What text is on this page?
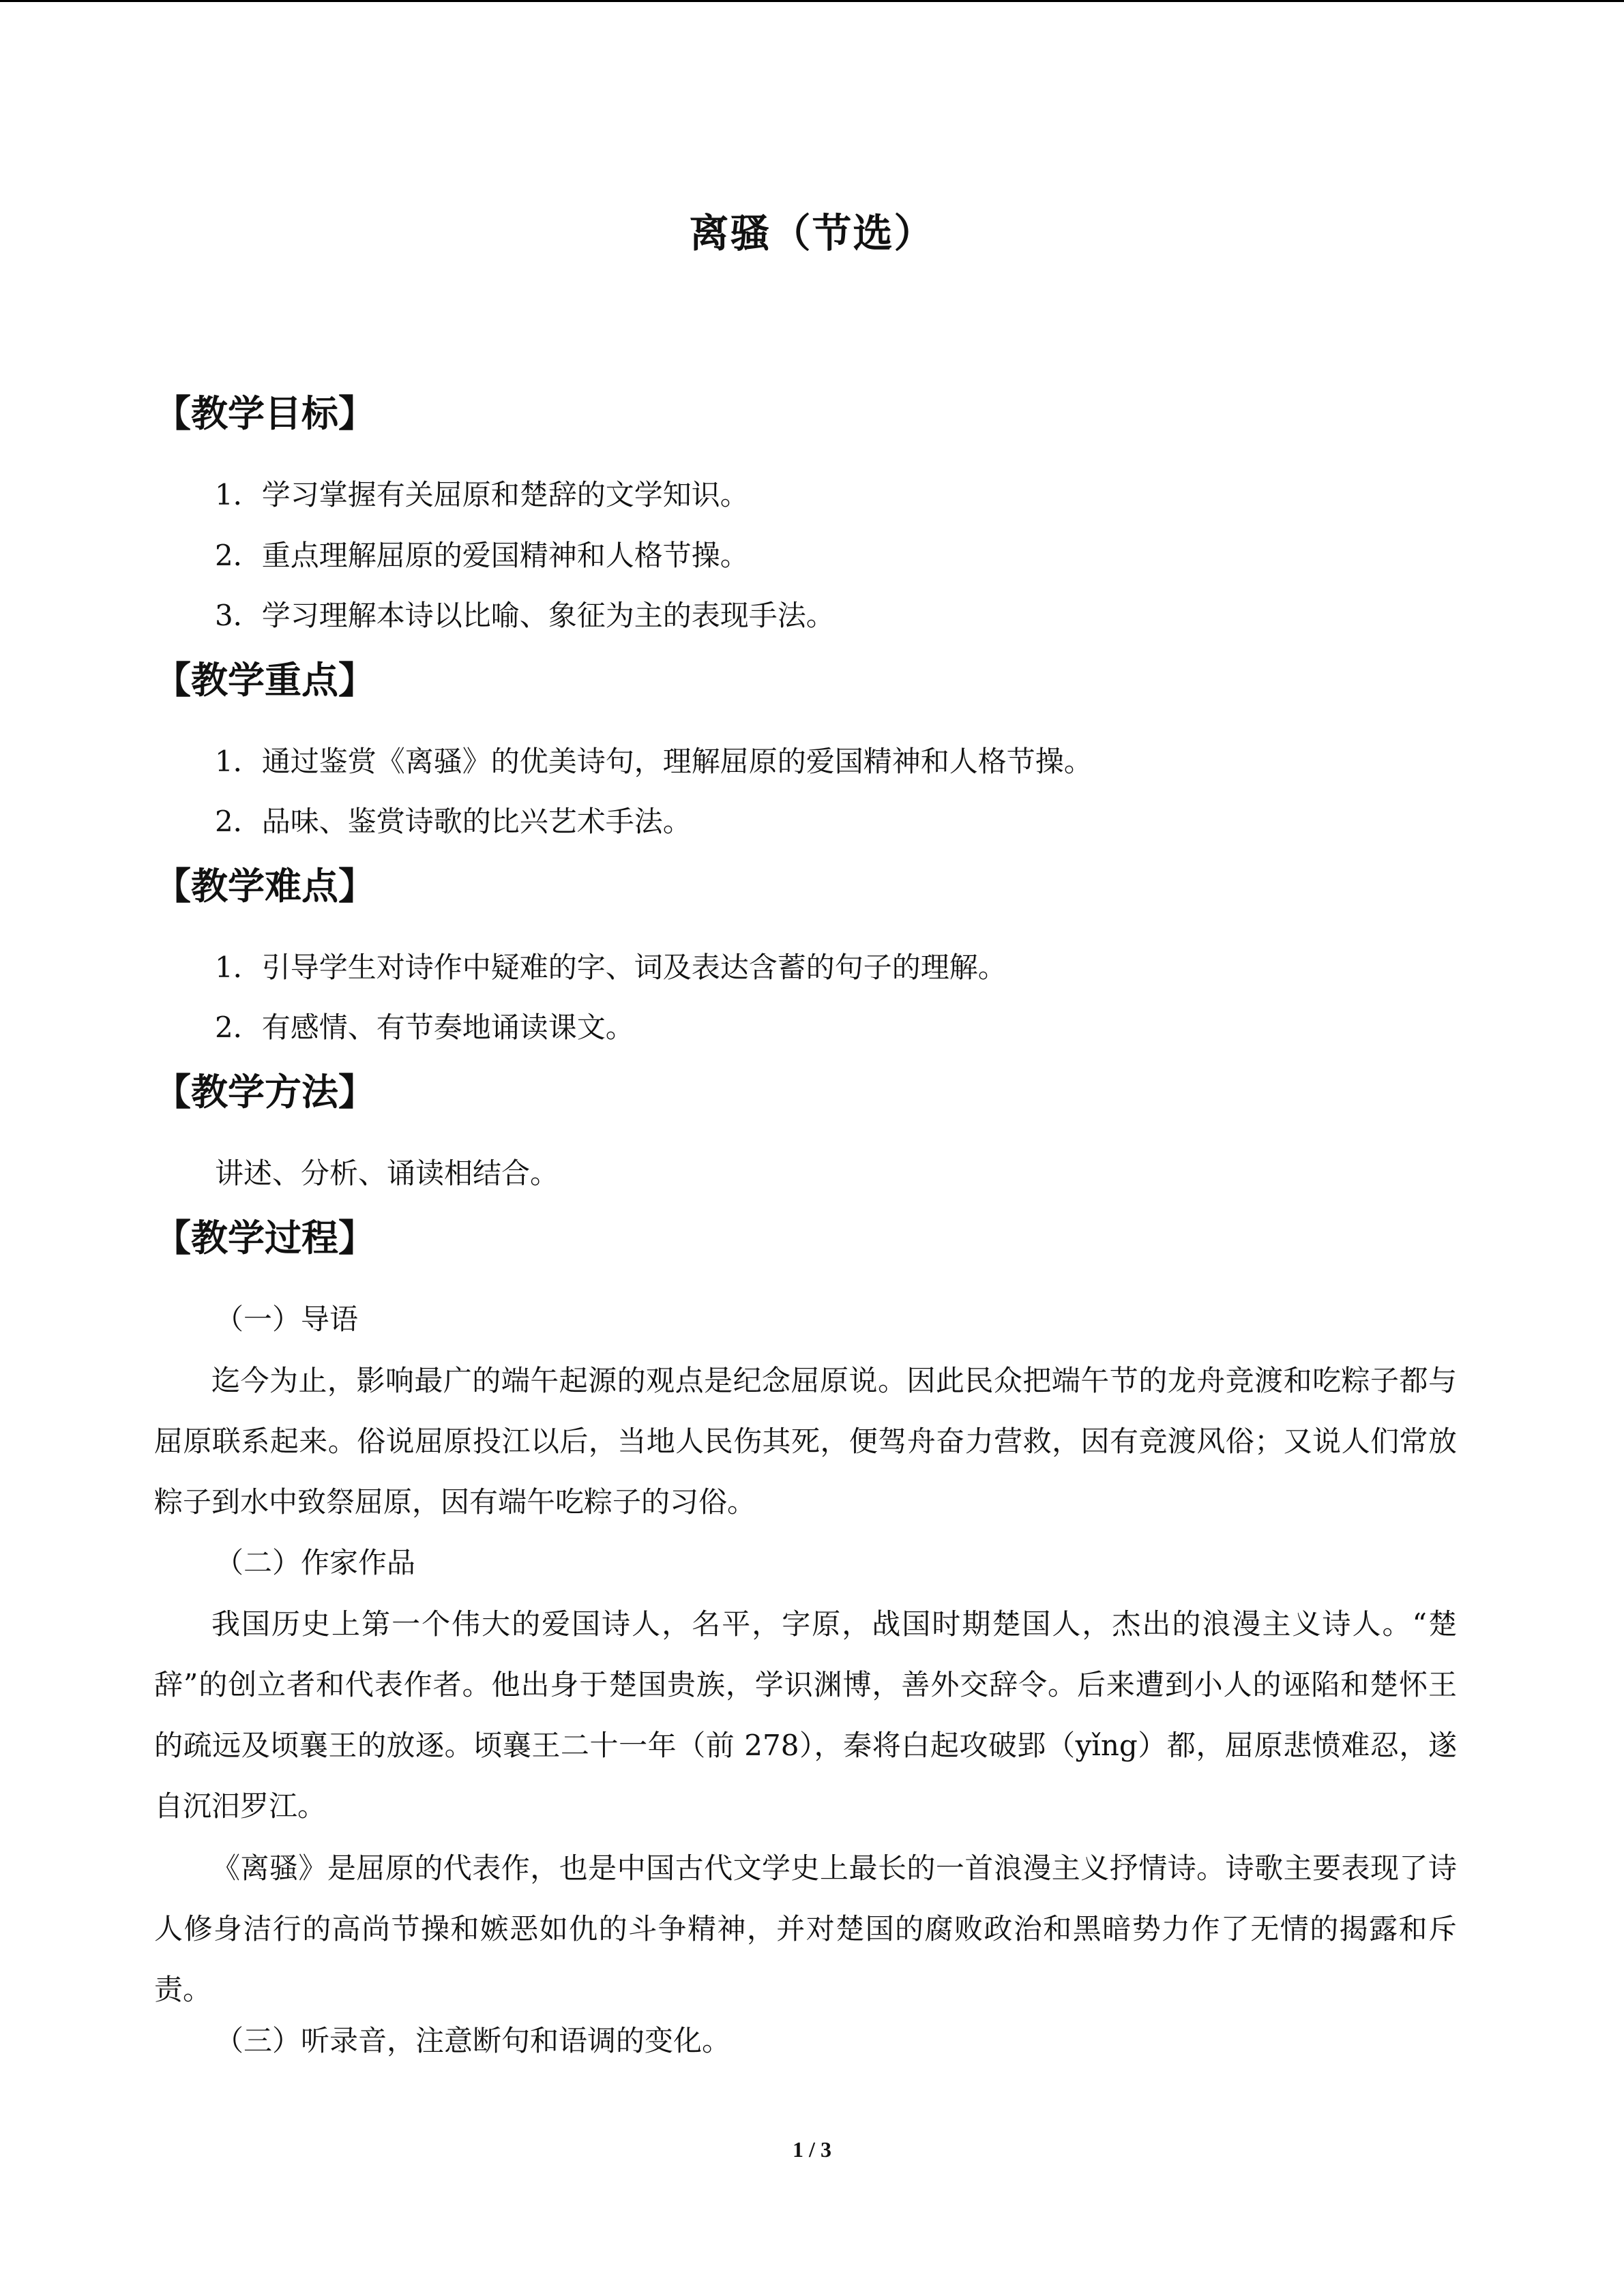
离骚（节选）
【教学目标】
1．学习掌握有关屈原和楚辞的文学知识。
2．重点理解屈原的爱国精神和人格节操。
3．学习理解本诗以比喻、象征为主的表现手法。
【教学重点】
1．通过鉴赏《离骚》的优美诗句，理解屈原的爱国精神和人格节操。
2．品味、鉴赏诗歌的比兴艺术手法。
【教学难点】
1．引导学生对诗作中疑难的字、词及表达含蓄的句子的理解。
2．有感情、有节奏地诵读课文。
【教学方法】
讲述、分析、诵读相结合。
【教学过程】
（一）导语
迄今为止，影响最广的端午起源的观点是纪念屈原说。因此民众把端午节的龙舟竞渡和吃粽子都与屈原联系起来。俗说屈原投江以后，当地人民伤其死，便驾舟奋力营救，因有竞渡风俗；又说人们常放粽子到水中致祭屈原，因有端午吃粽子的习俗。
（二）作家作品
我国历史上第一个伟大的爱国诗人，名平，字原，战国时期楚国人，杰出的浪漫主义诗人。“楚辞”的创立者和代表作者。他出身于楚国贵族，学识渊博，善外交辞令。后来遭到小人的诬陷和楚怀王的疏远及顷襄王的放逐。顷襄王二十一年（前 278），秦将白起攻破郢（yǐng）都，屈原悲愤难忍，遂自沉汨罗江。
《离骚》是屈原的代表作，也是中国古代文学史上最长的一首浪漫主义抒情诗。诗歌主要表现了诗人修身洁行的高尚节操和嫉恶如仇的斗争精神，并对楚国的腐败政治和黑暗势力作了无情的揭露和斥责。
（三）听录音，注意断句和语调的变化。
1 / 3
